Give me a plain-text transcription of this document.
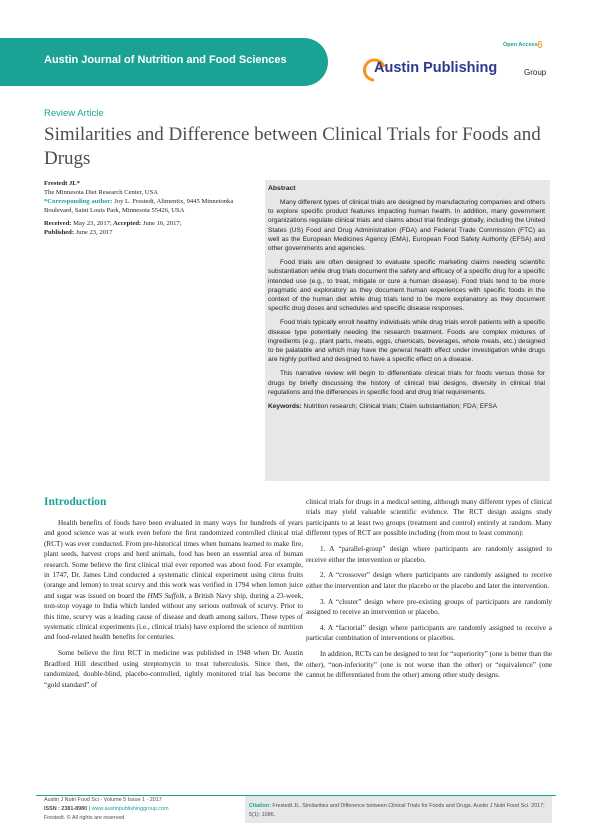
Austin Journal of Nutrition and Food Sciences
Open Access
Austin Publishing	Group
Review Article
Similarities and Difference between Clinical Trials for Foods and Drugs
Frestedt JL*
The Minnesota Diet Research Center, USA
*Corresponding author: Joy L. Frestedt, Alimentix, 9445 Minnetonka Boulevard, Saint Louis Park, Minnesota 55426, USA
Received: May 23, 2017; Accepted: June 16, 2017;
Published: June 23, 2017
Abstract

Many different types of clinical trials are designed by manufacturing companies and others to explore specific product features impacting human health. In addition, many government organizations regulate clinical trials and claims about trial findings globally, including the United States (US) Food and Drug Administration (FDA) and Federal Trade Commission (FTC) as well as the European Medicines Agency (EMA), European Food Safety Authority (EFSA) and other governments and agencies.

Food trials are often designed to evaluate specific marketing claims needing scientific substantiation while drug trials document the safety and efficacy of a specific drug for a specific intended use (e.g., to treat, mitigate or cure a human disease). Food trials tend to be more pragmatic and exploratory as they document human experiences with specific foods in the context of the human diet while drug trials tend to be more explanatory as they document specific drug doses and schedules and specific disease responses.

Food trials typically enroll healthy individuals while drug trials enroll patients with a specific disease type potentially needing the research treatment. Foods are complex mixtures of ingredients (e.g., plant parts, meats, eggs, chemicals, beverages, whole meals, etc.) designed to be palatable and which may have the general health effect under investigation while drugs are highly purified and designed to have a specific effect on a disease.

This narrative review will begin to differentiate clinical trials for foods versus those for drugs by briefly discussing the history of clinical trial designs, diversity in clinical trial regulations and the differences in specific food and drug trial requirements.

Keywords: Nutrition research; Clinical trials; Claim substantiation; FDA; EFSA
Introduction

Health benefits of foods have been evaluated in many ways for hundreds of years and good science was at work even before the first randomized controlled clinical trial (RCT) was ever conducted. From pre-historical times when humans learned to make fire, plant seeds, harvest crops and herd animals, food has been an essential area of human research. Some believe the first clinical trial ever reported was about food. For example, in 1747, Dr. James Lind conducted a systematic clinical experiment using citrus fruits (orange and lemon) to treat scurvy and this work was verified in 1794 when lemon juice and sugar was issued on board the HMS Suffolk, a British Navy ship, during a 23-week, non-stop voyage to India which landed without any serious outbreak of scurvy. Prior to this time, scurvy was a leading cause of disease and death among sailors. These types of systematic clinical experiments (i.e., clinical trials) have explored the science of nutrition and food-related health benefits for centuries.

Some believe the first RCT in medicine was published in 1948 when Dr. Austin Bradford Hill described using streptomycin to treat tuberculosis. Since then, the randomized, double-blind, placebo-controlled, tightly monitored trial has become the “gold standard” of

clinical trials for drugs in a medical setting, although many different types of clinical trials may yield valuable scientific evidence. The RCT design assigns study participants to at least two groups (treatment and control) entirely at random. Many different types of RCT are possible including (from most to least common):

1. A “parallel-group” design where participants are randomly assigned to receive either the intervention or placebo.

2. A “crossover” design where participants are randomly assigned to receive either the intervention and later the placebo or the placebo and later the intervention.

3. A “cluster” design where pre-existing groups of participants are randomly assigned to receive an intervention or placebo.

4. A “factorial” design where participants are randomly assigned to receive a particular combination of interventions or placebos.

In addition, RCTs can be designed to test for “superiority” (one is better than the other), “non-inferiority” (one is not worse than the other) or “equivalence” (one cannot be differentiated from the other) among other study designs.

Austin J Nutri Food Sci - Volume 5 Issue 1 - 2017
ISSN : 2381-8980 | www.austinpublishinggroup.com
Frestedt. © All rights are reserved
Citation: Frestedt JL. Similarities and Difference between Clinical Trials for Foods and Drugs. Austin J Nutri Food Sci. 2017; 5(1): 1086.
